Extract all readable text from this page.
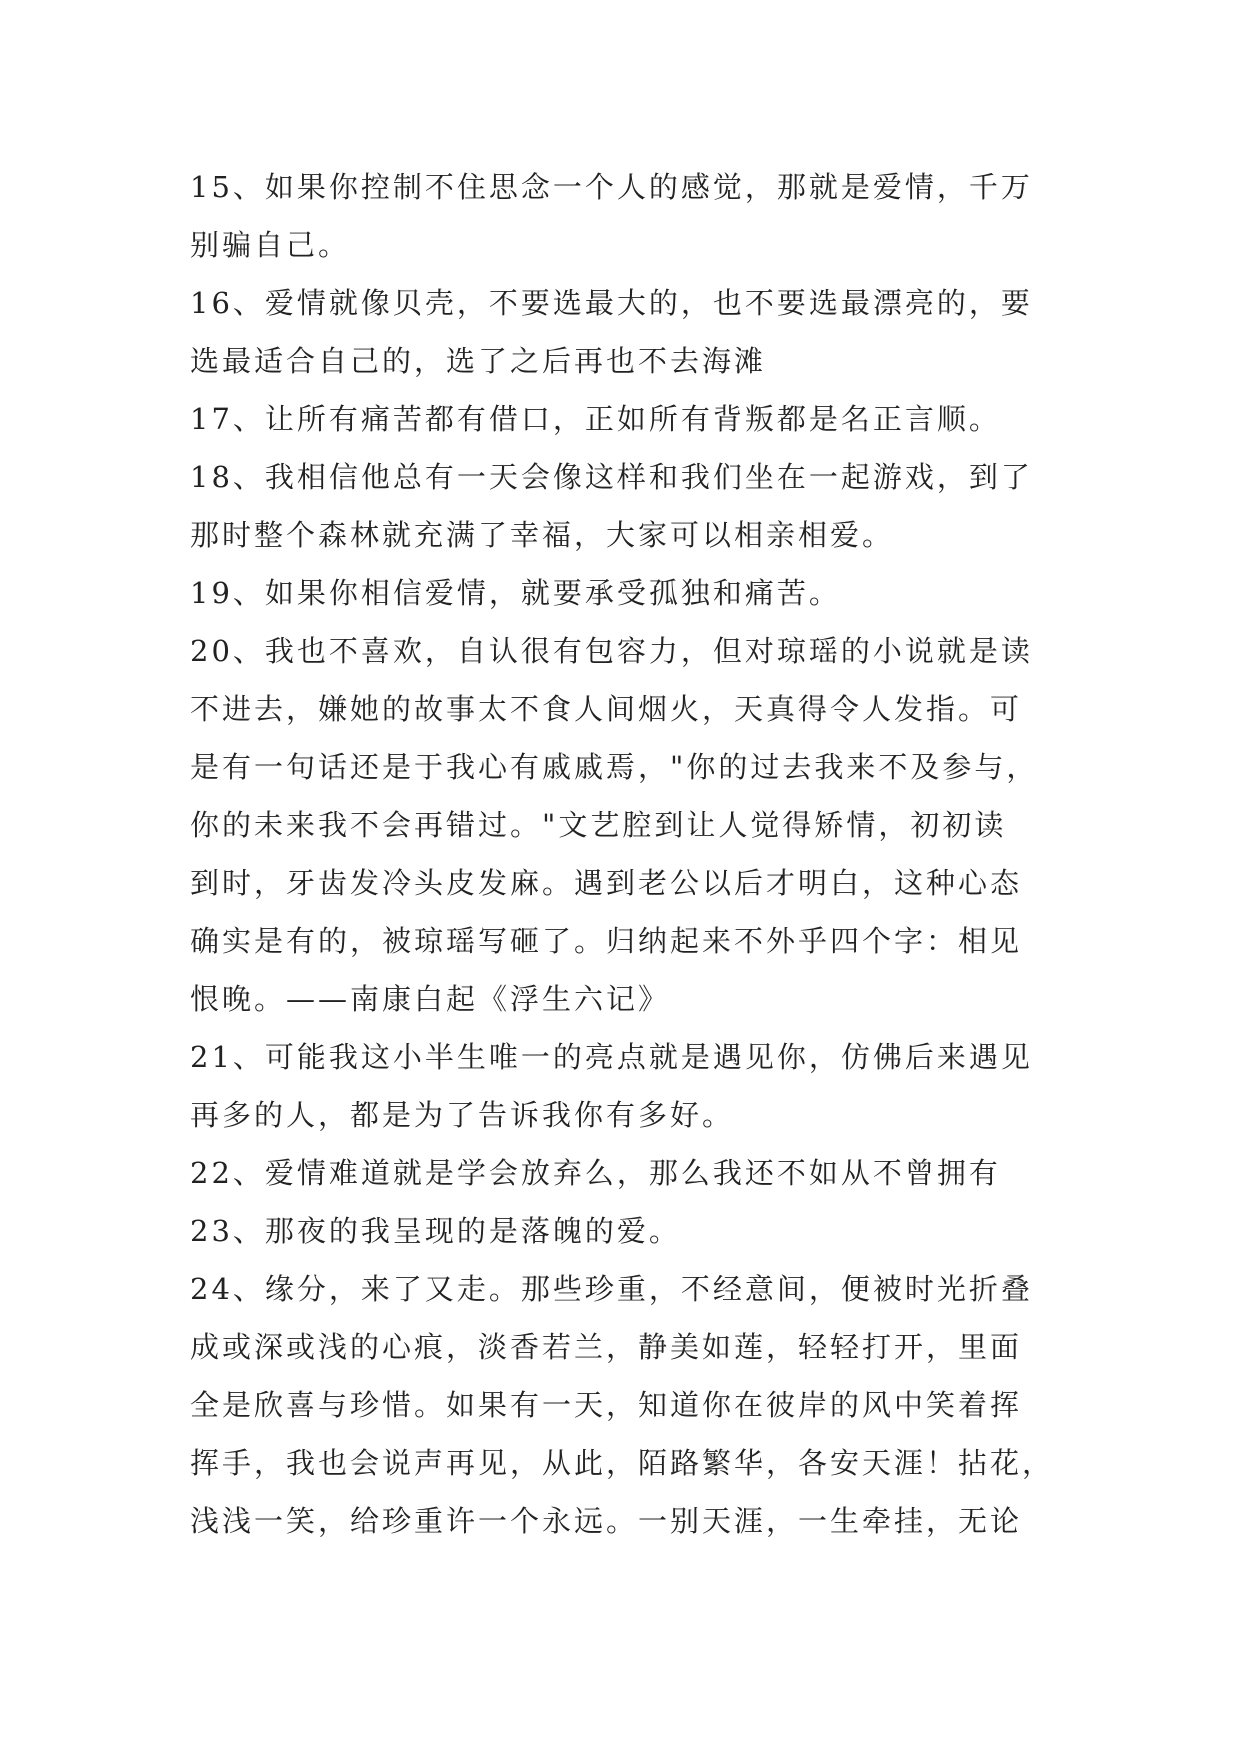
15、如果你控制不住思念一个人的感觉，那就是爱情，千万
别骗自己。

16、爱情就像贝壳，不要选最大的，也不要选最漂亮的，要
选最适合自己的，选了之后再也不去海滩

17、让所有痛苦都有借口，正如所有背叛都是名正言顺。

18、我相信他总有一天会像这样和我们坐在一起游戏，到了
那时整个森林就充满了幸福，大家可以相亲相爱。

19、如果你相信爱情，就要承受孤独和痛苦。

20、我也不喜欢，自认很有包容力，但对琼瑶的小说就是读
不进去，嫌她的故事太不食人间烟火，天真得令人发指。可
是有一句话还是于我心有戚戚焉，"你的过去我来不及参与，
你的未来我不会再错过。"文艺腔到让人觉得矫情，初初读
到时，牙齿发冷头皮发麻。遇到老公以后才明白，这种心态
确实是有的，被琼瑶写砸了。归纳起来不外乎四个字：相见
恨晚。——南康白起《浮生六记》

21、可能我这小半生唯一的亮点就是遇见你，仿佛后来遇见
再多的人，都是为了告诉我你有多好。

22、爱情难道就是学会放弃么，那么我还不如从不曾拥有

23、那夜的我呈现的是落魄的爱。

24、缘分，来了又走。那些珍重，不经意间，便被时光折叠
成或深或浅的心痕，淡香若兰，静美如莲，轻轻打开，里面
全是欣喜与珍惜。如果有一天，知道你在彼岸的风中笑着挥
挥手，我也会说声再见，从此，陌路繁华，各安天涯！拈花，
浅浅一笑，给珍重许一个永远。一别天涯，一生牵挂，无论
